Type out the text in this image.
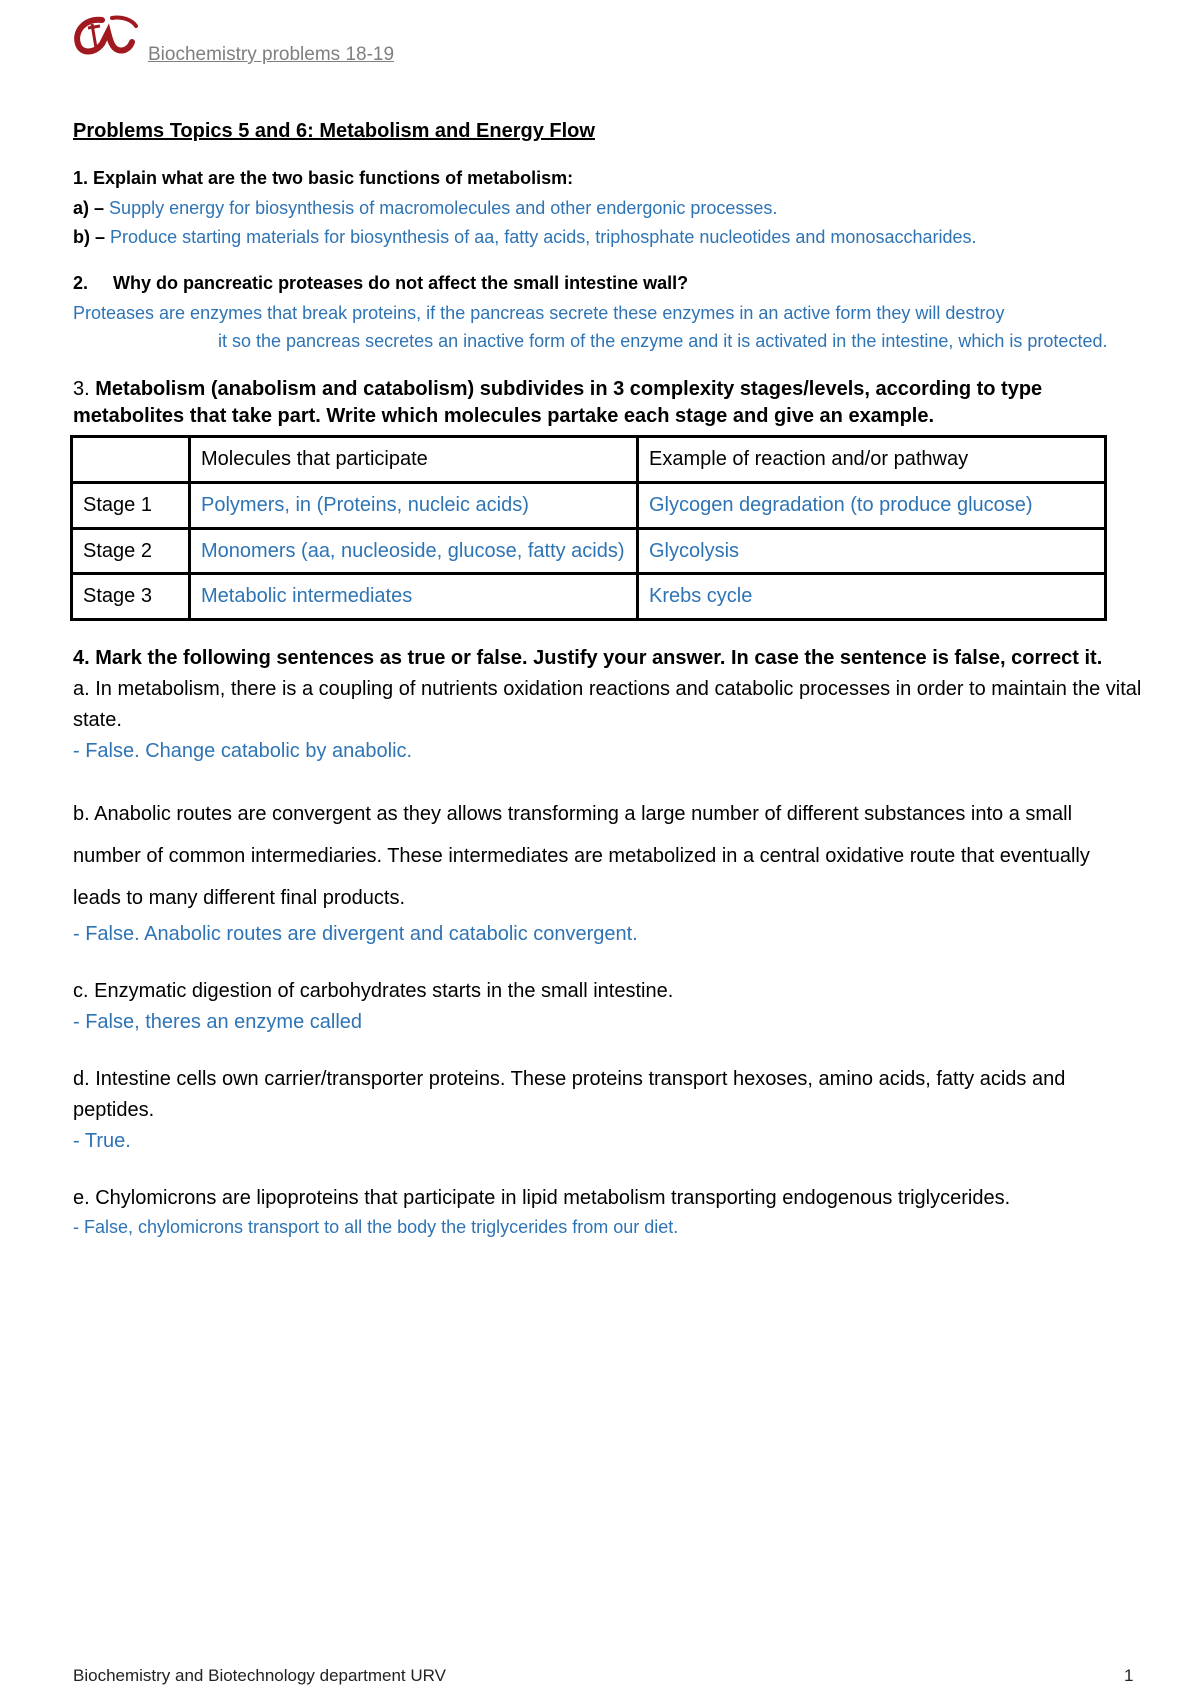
Biochemistry problems 18-19
Problems Topics 5 and 6: Metabolism and Energy Flow

1. Explain what are the two basic functions of metabolism:

a) – Supply energy for biosynthesis of macromolecules and other endergonic processes.

b) – Produce starting materials for biosynthesis of aa, fatty acids, triphosphate nucleotides and monosaccharides.

2. Why do pancreatic proteases do not affect the small intestine wall?

Proteases are enzymes that break proteins, if the pancreas secrete these enzymes in an active form they will destroy

it so the pancreas secretes an inactive form of the enzyme and it is activated in the intestine, which is protected.

3. Metabolism (anabolism and catabolism) subdivides in 3 complexity stages/levels, according to type metabolites that take part. Write which molecules partake each stage and give an example.

	Molecules that participate	Example of reaction and/or pathway
Stage 1	Polymers, in (Proteins, nucleic acids)	Glycogen degradation (to produce glucose)
Stage 2	Monomers (aa, nucleoside, glucose, fatty acids)	Glycolysis
Stage 3	Metabolic intermediates	Krebs cycle

4. Mark the following sentences as true or false. Justify your answer. In case the sentence is false, correct it.

a. In metabolism, there is a coupling of nutrients oxidation reactions and catabolic processes in order to maintain the vital state.

- False. Change catabolic by anabolic.

b. Anabolic routes are convergent as they allows transforming a large number of different substances into a small number of common intermediaries. These intermediates are metabolized in a central oxidative route that eventually leads to many different final products.

- False. Anabolic routes are divergent and catabolic convergent.

c. Enzymatic digestion of carbohydrates starts in the small intestine.

- False, theres an enzyme called

d. Intestine cells own carrier/transporter proteins. These proteins transport hexoses, amino acids, fatty acids and peptides.

- True.

e. Chylomicrons are lipoproteins that participate in lipid metabolism transporting endogenous triglycerides.

- False, chylomicrons transport to all the body the triglycerides from our diet.

Biochemistry and Biotechnology department URV	1
